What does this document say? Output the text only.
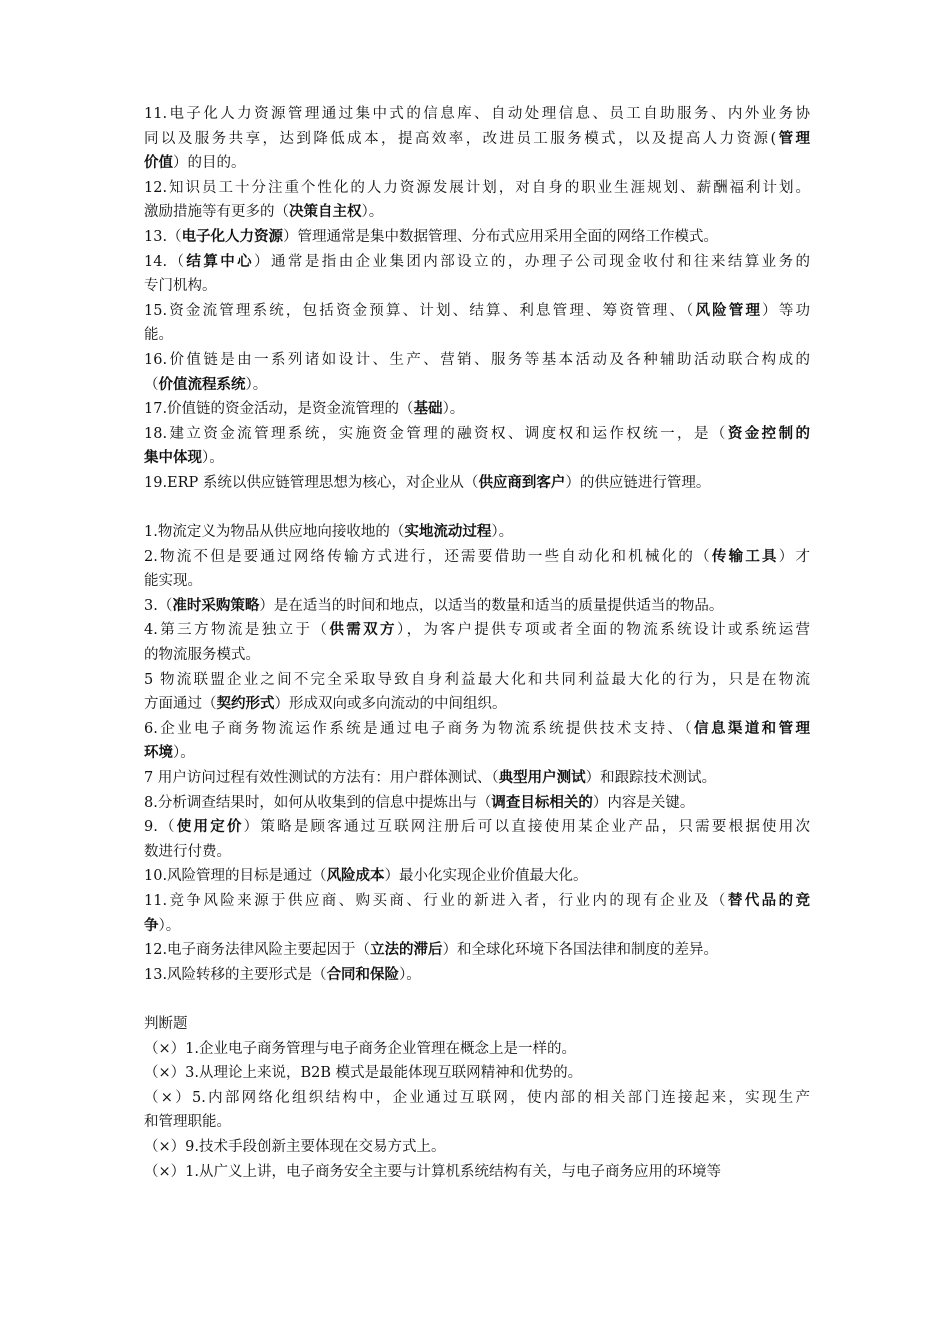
11.电子化人力资源管理通过集中式的信息库、自动处理信息、员工自助服务、内外业务协
同以及服务共享，达到降低成本，提高效率，改进员工服务模式，以及提高人力资源(管理
价值）的目的。
12.知识员工十分注重个性化的人力资源发展计划，对自身的职业生涯规划、薪酬福利计划。
激励措施等有更多的（决策自主权）。
13.（电子化人力资源）管理通常是集中数据管理、分布式应用采用全面的网络工作模式。
14.（结算中心）通常是指由企业集团内部设立的，办理子公司现金收付和往来结算业务的
专门机构。
15.资金流管理系统，包括资金预算、计划、结算、利息管理、筹资管理、（风险管理）等功
能。
16.价值链是由一系列诸如设计、生产、营销、服务等基本活动及各种辅助活动联合构成的
（价值流程系统）。
17.价值链的资金活动，是资金流管理的（基础）。
18.建立资金流管理系统，实施资金管理的融资权、调度权和运作权统一，是（资金控制的
集中体现）。
19.ERP 系统以供应链管理思想为核心，对企业从（供应商到客户）的供应链进行管理。
1.物流定义为物品从供应地向接收地的（实地流动过程）。
2.物流不但是要通过网络传输方式进行，还需要借助一些自动化和机械化的（传输工具）才
能实现。
3.（准时采购策略）是在适当的时间和地点，以适当的数量和适当的质量提供适当的物品。
4.第三方物流是独立于（供需双方），为客户提供专项或者全面的物流系统设计或系统运营
的物流服务模式。
5 物流联盟企业之间不完全采取导致自身利益最大化和共同利益最大化的行为，只是在物流
方面通过（契约形式）形成双向或多向流动的中间组织。
6.企业电子商务物流运作系统是通过电子商务为物流系统提供技术支持、（信息渠道和管理
环境）。
7 用户访问过程有效性测试的方法有：用户群体测试、（典型用户测试）和跟踪技术测试。
8.分析调查结果时，如何从收集到的信息中提炼出与（调查目标相关的）内容是关键。
9.（使用定价）策略是顾客通过互联网注册后可以直接使用某企业产品，只需要根据使用次
数进行付费。
10.风险管理的目标是通过（风险成本）最小化实现企业价值最大化。
11.竞争风险来源于供应商、购买商、行业的新进入者，行业内的现有企业及（替代品的竞
争）。
12.电子商务法律风险主要起因于（立法的滞后）和全球化环境下各国法律和制度的差异。
13.风险转移的主要形式是（合同和保险）。
判断题
（×）1.企业电子商务管理与电子商务企业管理在概念上是一样的。
（×）3.从理论上来说，B2B 模式是最能体现互联网精神和优势的。
（×）5.内部网络化组织结构中，企业通过互联网，使内部的相关部门连接起来，实现生产
和管理职能。
（×）9.技术手段创新主要体现在交易方式上。
（×）1.从广义上讲，电子商务安全主要与计算机系统结构有关，与电子商务应用的环境等
